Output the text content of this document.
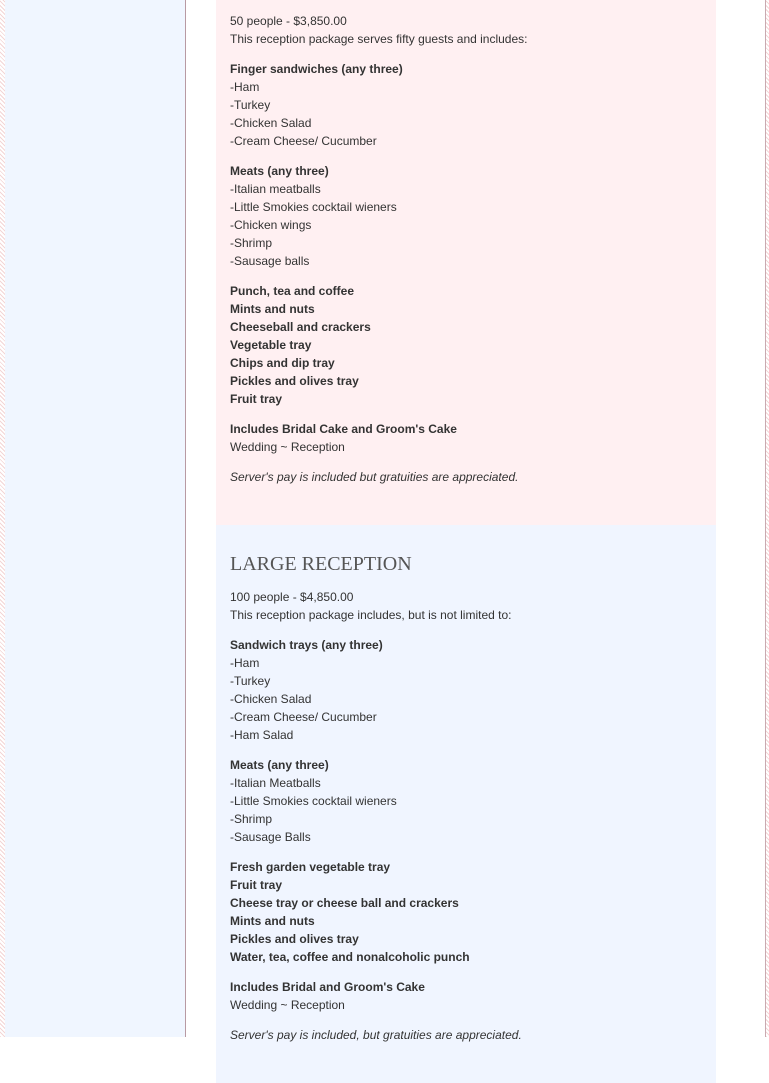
50 people - $3,850.00
This reception package serves fifty guests and includes:
Finger sandwiches (any three)
-Ham
-Turkey
-Chicken Salad
-Cream Cheese/ Cucumber
Meats (any three)
-Italian meatballs
-Little Smokies cocktail wieners
-Chicken wings
-Shrimp
-Sausage balls
Punch, tea and coffee
Mints and nuts
Cheeseball and crackers
Vegetable tray
Chips and dip tray
Pickles and olives tray
Fruit tray
Includes Bridal Cake and Groom's Cake
Wedding ~ Reception
Server's pay is included but gratuities are appreciated.
LARGE RECEPTION
100 people - $4,850.00
This reception package includes, but is not limited to:
Sandwich trays (any three)
-Ham
-Turkey
-Chicken Salad
-Cream Cheese/ Cucumber
-Ham Salad
Meats (any three)
-Italian Meatballs
-Little Smokies cocktail wieners
-Shrimp
-Sausage Balls
Fresh garden vegetable tray
Fruit tray
Cheese tray or cheese ball and crackers
Mints and nuts
Pickles and olives tray
Water, tea, coffee and nonalcoholic punch
Includes Bridal and Groom's Cake
Wedding ~ Reception
Server's pay is included, but gratuities are appreciated.
